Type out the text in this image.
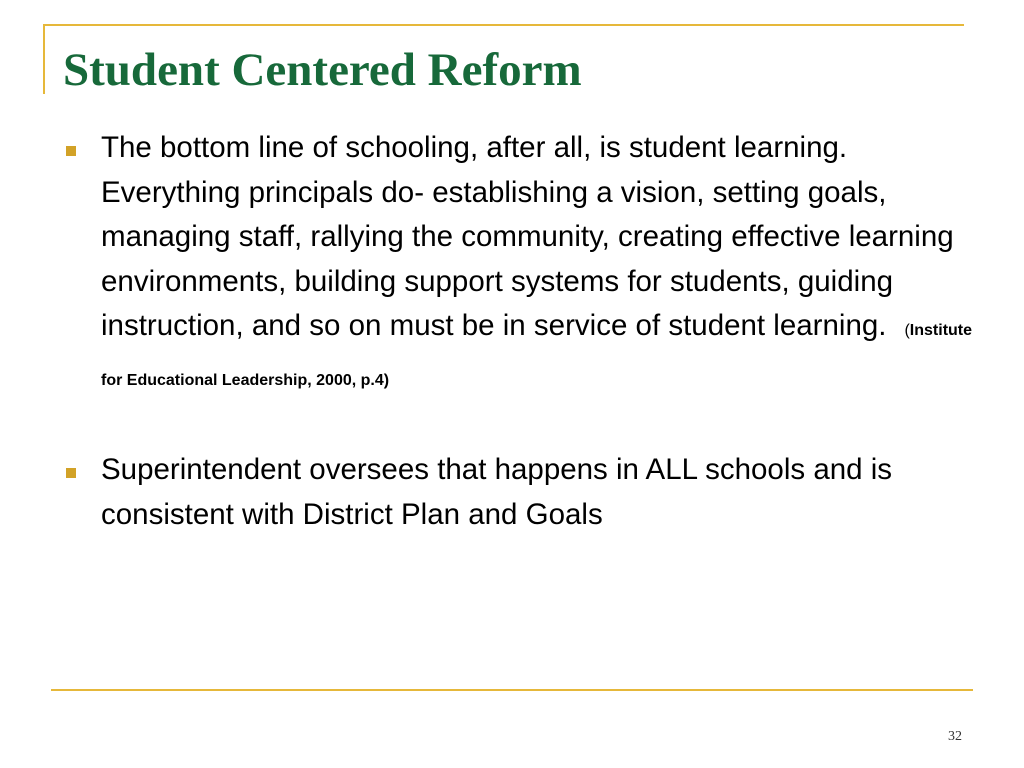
Student Centered Reform
The bottom line of schooling, after all, is student learning. Everything principals do- establishing a vision, setting goals, managing staff, rallying the community, creating effective learning environments, building support systems for students, guiding instruction, and so on must be in service of student learning. (Institute for Educational Leadership, 2000, p.4)
Superintendent oversees that happens in ALL schools and is consistent with District Plan and Goals
32
